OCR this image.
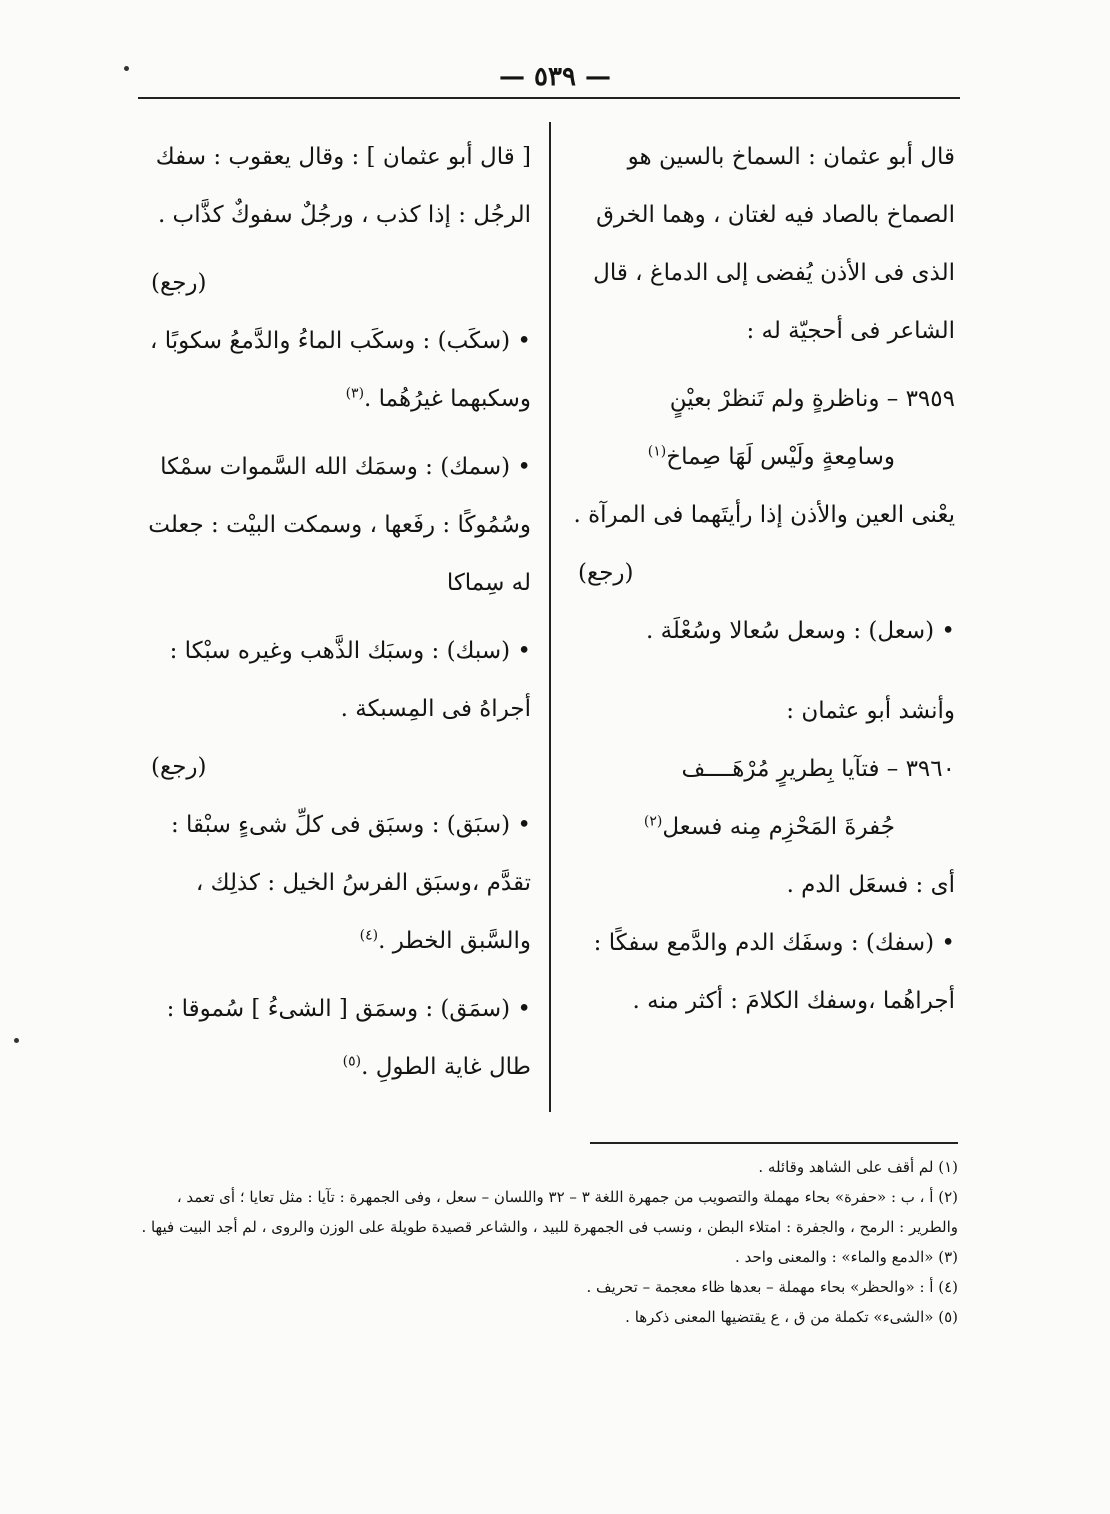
— ٥٣٩ —

قال أبو عثمان : السماخ بالسين هو الصماخ بالصاد فيه لغتان ، وهما الخرق الذى فى الأذن يُفضى إلى الدماغ ، قال الشاعر فى أحجيّة له :

٣٩٥٩ – وناظرةٍ ولم تَنظرْ بعيْنٍ

وسامِعةٍ ولَيْس لَهَا صِماخ$^{(١)}$

يعْنى العين والأذن إذا رأيتَهما فى المرآة .

(رجع)

• (سعل) : وسعل سُعالا وسُعْلَة .

وأنشد أبو عثمان :

٣٩٦٠ – فتآيا بِطريرٍ مُرْهَــــف

جُفرةَ المَحْزِم مِنه فسعل$^{(٢)}$

أى : فسعَل الدم .

• (سفك) : وسفَك الدم والدَّمع سفكًا : أجراهُما ،وسفك الكلامَ : أكثر منه .

[ قال أبو عثمان ] : وقال يعقوب : سفك الرجُل : إذا كذب ، ورجُلٌ سفوكٌ كذَّاب .

(رجع)

• (سكَب) : وسكَب الماءُ والدَّمعُ سكوبًا ، وسكبهما غيرُهُما .$^{(٣)}$

• (سمك) : وسمَك الله السَّموات سمْكا وسُمُوكًا : رفَعها ، وسمكت البيْت : جعلت له سِماكا

• (سبك) : وسبَك الذَّهب وغيره سبْكا : أجراهُ فى المِسبكة .

(رجع)

• (سبَق) : وسبَق فى كلِّ شىءٍ سبْقا : تقدَّم ،وسبَق الفرسُ الخيل : كذلِك ، والسَّبق الخطر .$^{(٤)}$

• (سمَق) : وسمَق [ الشىءُ ] سُموقا : طال غاية الطولِ .$^{(٥)}$

(١) لم أقف على الشاهد وقائله .

(٢) أ ، ب : «حفرة» بحاء مهملة والتصويب من جمهرة اللغة ٣ – ٣٢ واللسان – سعل ، وفى الجمهرة : تآيا : مثل تعايا ؛ أى تعمد ، والطرير : الرمح ، والجفرة : امتلاء البطن ، ونسب فى الجمهرة للبيد ، والشاعر قصيدة طويلة على الوزن والروى ، لم أجد البيت فيها .

(٣) «الدمع والماء» : والمعنى واحد .

(٤) أ : «والحظر» بحاء مهملة – بعدها ظاء معجمة – تحريف .

(٥) «الشىء» تكملة من ق ، ع يقتضيها المعنى ذكرها .
